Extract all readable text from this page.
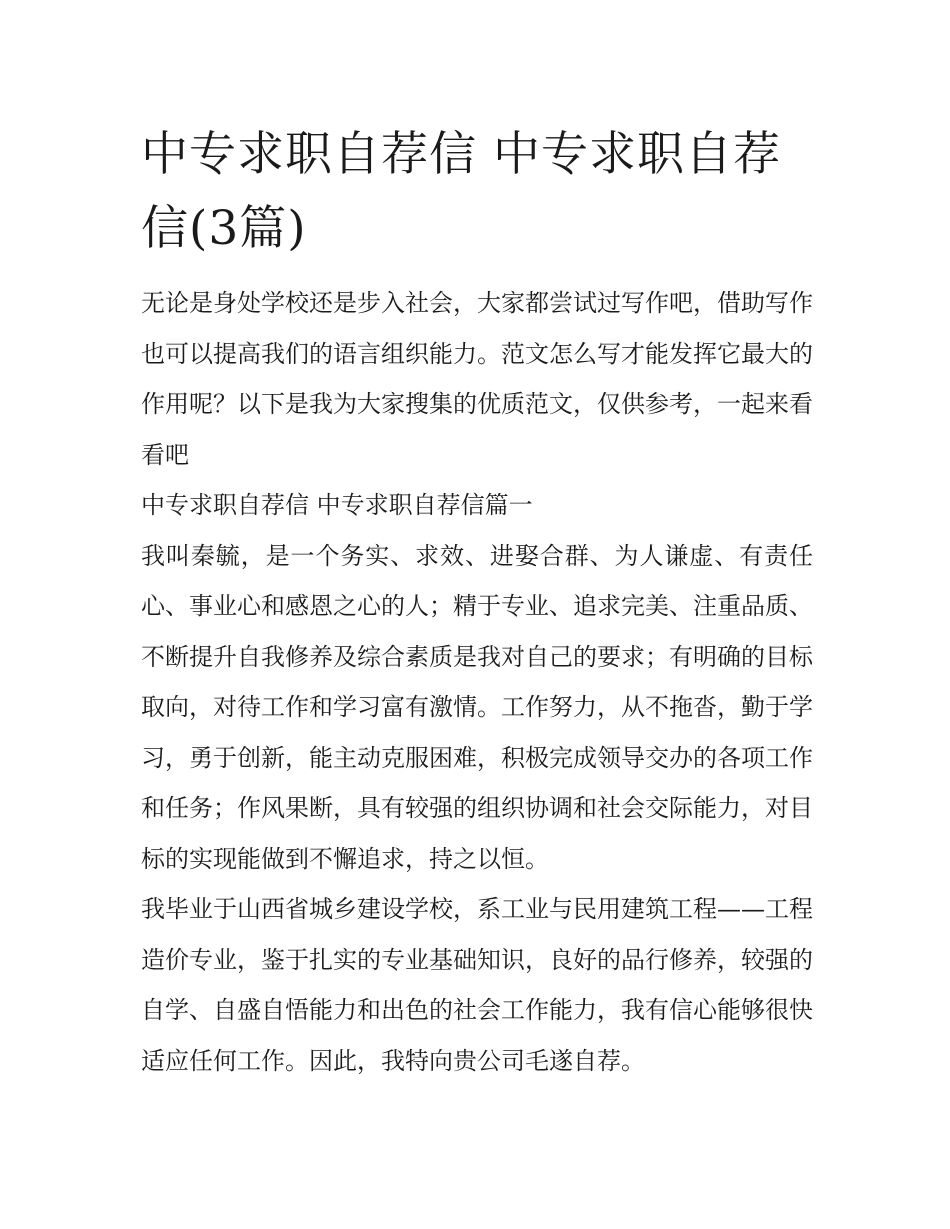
中专求职自荐信 中专求职自荐信(3篇)

无论是身处学校还是步入社会，大家都尝试过写作吧，借助写作也可以提高我们的语言组织能力。范文怎么写才能发挥它最大的作用呢？以下是我为大家搜集的优质范文，仅供参考，一起来看看吧

中专求职自荐信 中专求职自荐信篇一

我叫秦毓，是一个务实、求效、进娶合群、为人谦虚、有责任心、事业心和感恩之心的人；精于专业、追求完美、注重品质、不断提升自我修养及综合素质是我对自己的要求；有明确的目标取向，对待工作和学习富有激情。工作努力，从不拖沓，勤于学习，勇于创新，能主动克服困难，积极完成领导交办的各项工作和任务；作风果断，具有较强的组织协调和社会交际能力，对目标的实现能做到不懈追求，持之以恒。

我毕业于山西省城乡建设学校，系工业与民用建筑工程——工程造价专业，鉴于扎实的专业基础知识，良好的品行修养，较强的自学、自盛自悟能力和出色的社会工作能力，我有信心能够很快适应任何工作。因此，我特向贵公司毛遂自荐。
